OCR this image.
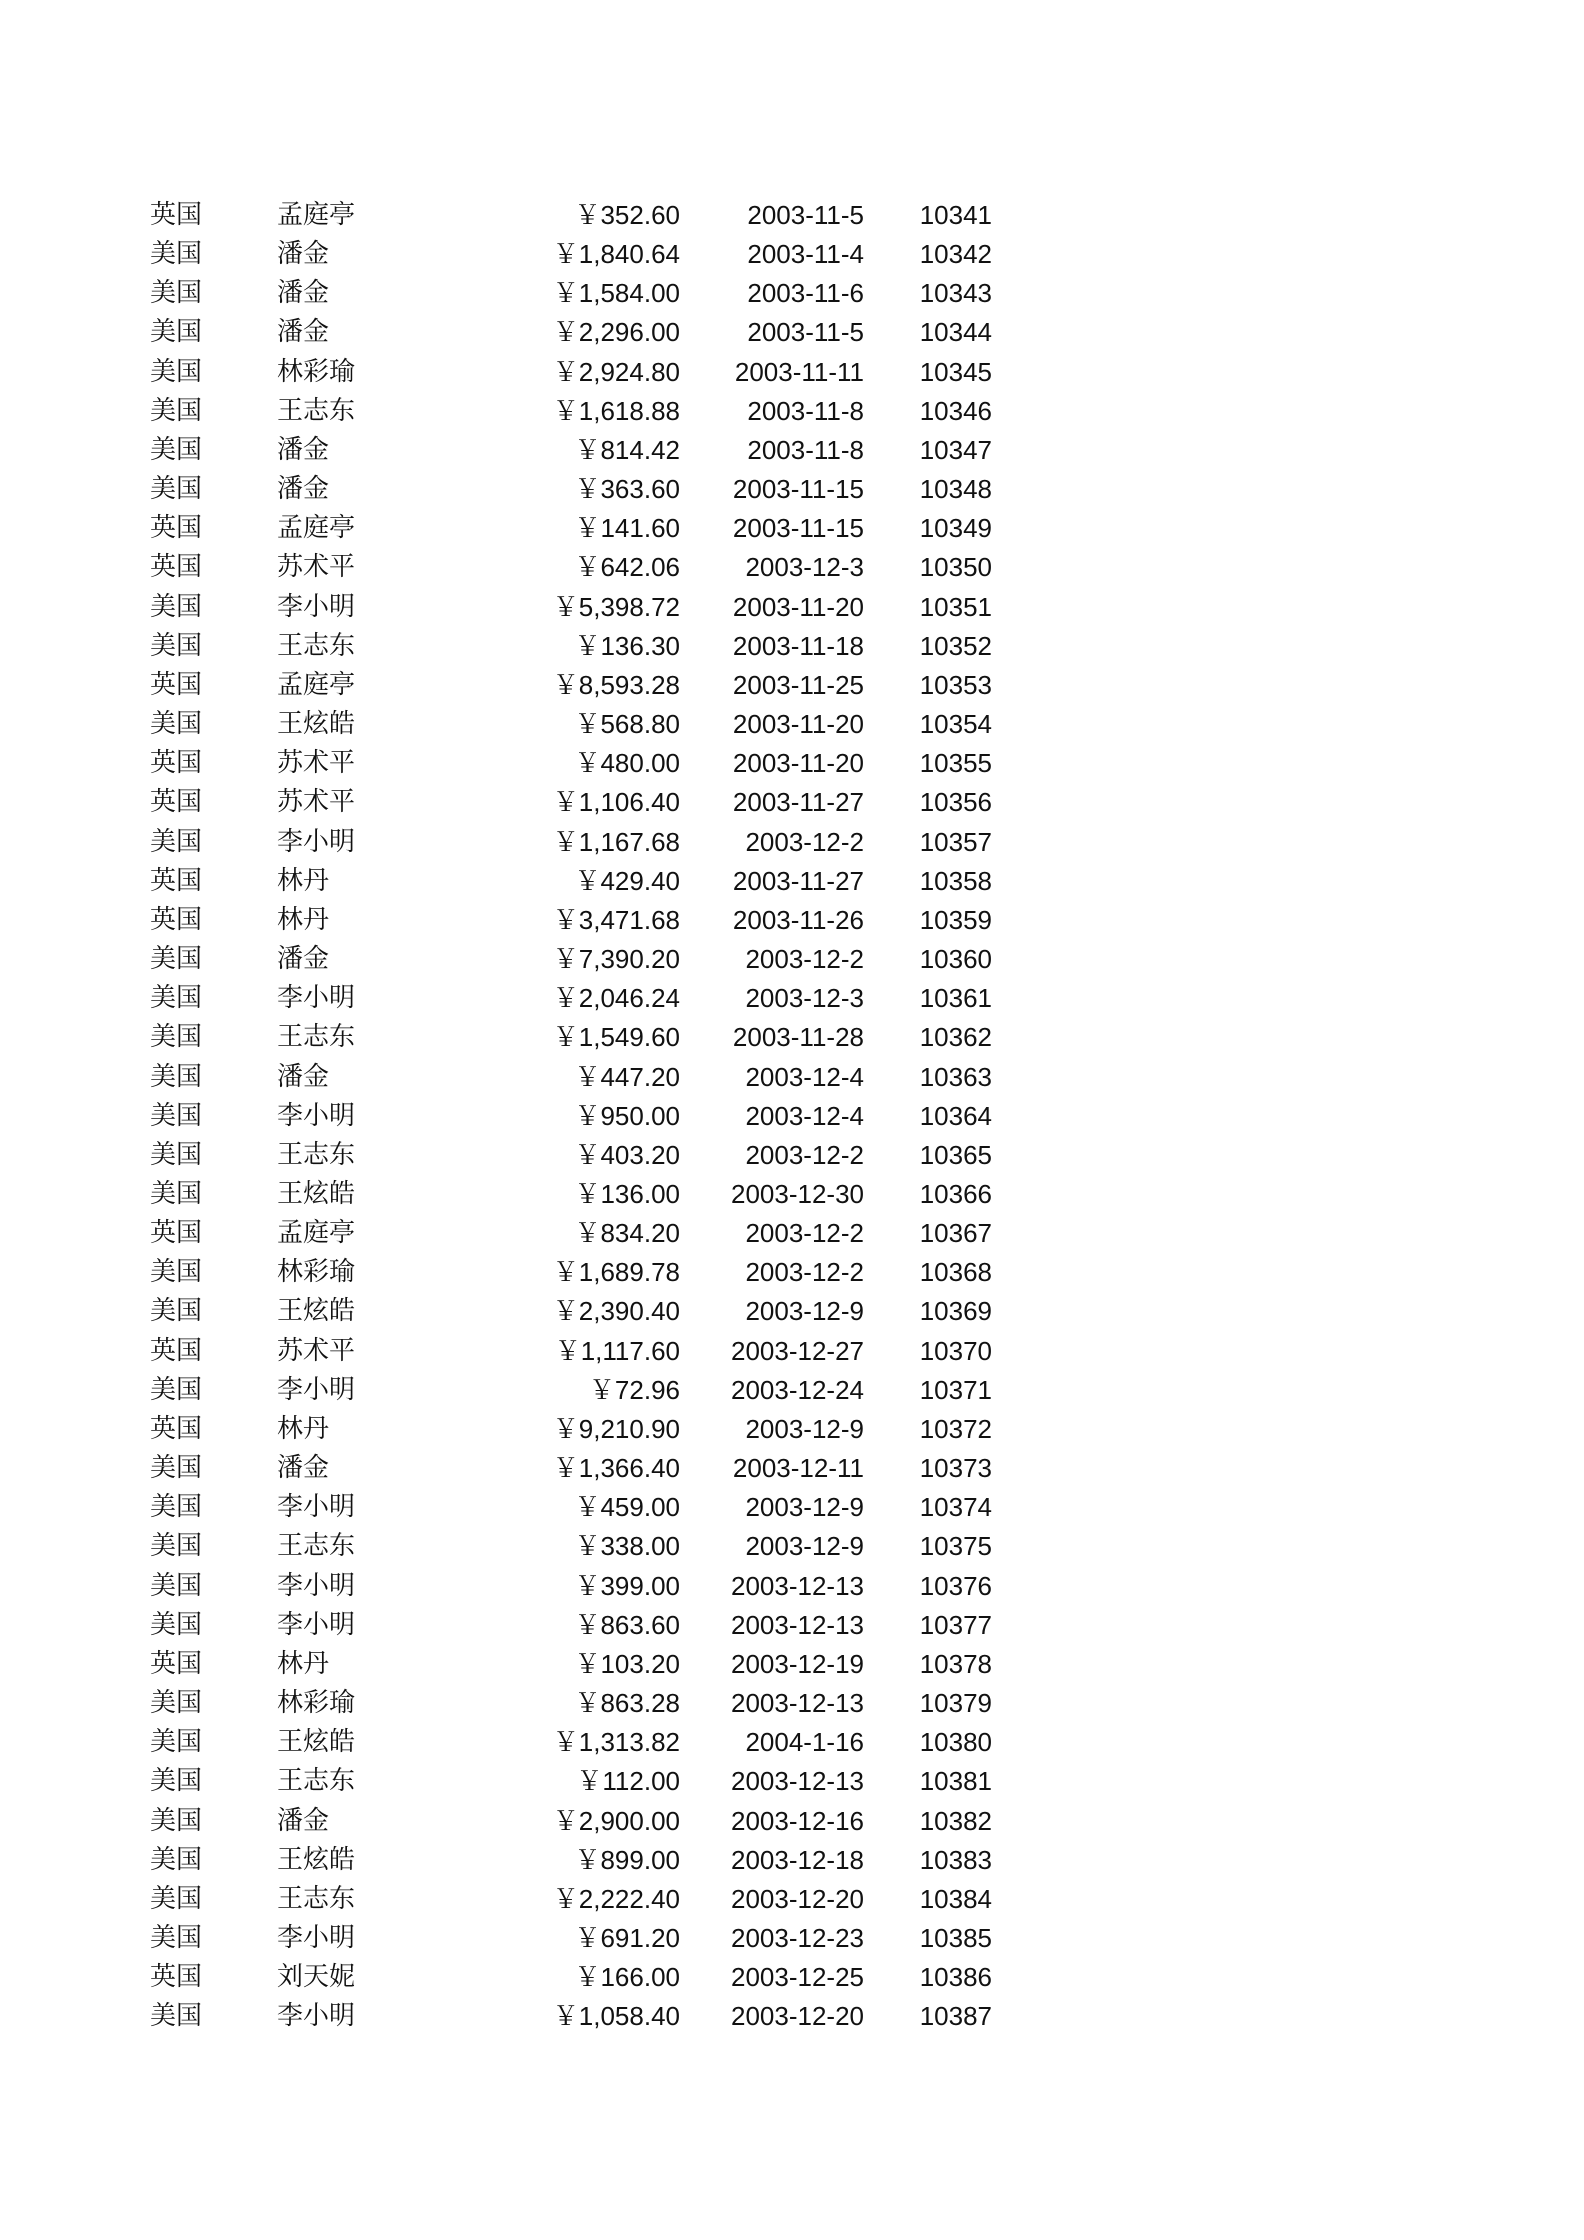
英国	孟庭亭	￥352.60	2003-11-5	10341
美国	潘金	￥1,840.64	2003-11-4	10342
美国	潘金	￥1,584.00	2003-11-6	10343
美国	潘金	￥2,296.00	2003-11-5	10344
美国	林彩瑜	￥2,924.80	2003-11-11	10345
美国	王志东	￥1,618.88	2003-11-8	10346
美国	潘金	￥814.42	2003-11-8	10347
美国	潘金	￥363.60	2003-11-15	10348
英国	孟庭亭	￥141.60	2003-11-15	10349
英国	苏术平	￥642.06	2003-12-3	10350
美国	李小明	￥5,398.72	2003-11-20	10351
美国	王志东	￥136.30	2003-11-18	10352
英国	孟庭亭	￥8,593.28	2003-11-25	10353
美国	王炫皓	￥568.80	2003-11-20	10354
英国	苏术平	￥480.00	2003-11-20	10355
英国	苏术平	￥1,106.40	2003-11-27	10356
美国	李小明	￥1,167.68	2003-12-2	10357
英国	林丹	￥429.40	2003-11-27	10358
英国	林丹	￥3,471.68	2003-11-26	10359
美国	潘金	￥7,390.20	2003-12-2	10360
美国	李小明	￥2,046.24	2003-12-3	10361
美国	王志东	￥1,549.60	2003-11-28	10362
美国	潘金	￥447.20	2003-12-4	10363
美国	李小明	￥950.00	2003-12-4	10364
美国	王志东	￥403.20	2003-12-2	10365
美国	王炫皓	￥136.00	2003-12-30	10366
英国	孟庭亭	￥834.20	2003-12-2	10367
美国	林彩瑜	￥1,689.78	2003-12-2	10368
美国	王炫皓	￥2,390.40	2003-12-9	10369
英国	苏术平	￥1,117.60	2003-12-27	10370
美国	李小明	￥72.96	2003-12-24	10371
英国	林丹	￥9,210.90	2003-12-9	10372
美国	潘金	￥1,366.40	2003-12-11	10373
美国	李小明	￥459.00	2003-12-9	10374
美国	王志东	￥338.00	2003-12-9	10375
美国	李小明	￥399.00	2003-12-13	10376
美国	李小明	￥863.60	2003-12-13	10377
英国	林丹	￥103.20	2003-12-19	10378
美国	林彩瑜	￥863.28	2003-12-13	10379
美国	王炫皓	￥1,313.82	2004-1-16	10380
美国	王志东	￥112.00	2003-12-13	10381
美国	潘金	￥2,900.00	2003-12-16	10382
美国	王炫皓	￥899.00	2003-12-18	10383
美国	王志东	￥2,222.40	2003-12-20	10384
美国	李小明	￥691.20	2003-12-23	10385
英国	刘天妮	￥166.00	2003-12-25	10386
美国	李小明	￥1,058.40	2003-12-20	10387
